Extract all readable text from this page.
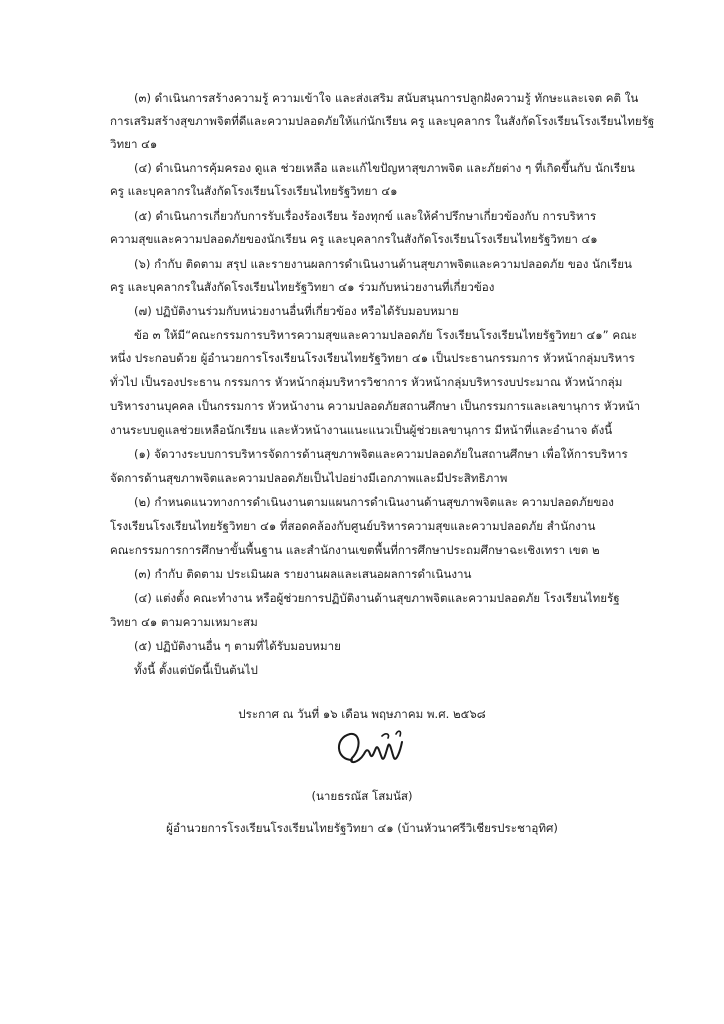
(๓) ดำเนินการสร้างความรู้ ความเข้าใจ และส่งเสริม สนับสนุนการปลูกฝังความรู้ ทักษะและเจต คติ ใน
การเสริมสร้างสุขภาพจิตที่ดีและความปลอดภัยให้แก่นักเรียน ครู และบุคลากร ในสังกัดโรงเรียนโรงเรียนไทยรัฐ
วิทยา ๔๑
(๔) ดำเนินการคุ้มครอง ดูแล ช่วยเหลือ และแก้ไขปัญหาสุขภาพจิต และภัยต่าง ๆ ที่เกิดขึ้นกับ นักเรียน
ครู และบุคลากรในสังกัดโรงเรียนโรงเรียนไทยรัฐวิทยา ๔๑
(๕) ดำเนินการเกี่ยวกับการรับเรื่องร้องเรียน ร้องทุกข์ และให้คำปรึกษาเกี่ยวข้องกับ การบริหาร
ความสุขและความปลอดภัยของนักเรียน ครู และบุคลากรในสังกัดโรงเรียนโรงเรียนไทยรัฐวิทยา ๔๑
(๖) กำกับ ติดตาม สรุป และรายงานผลการดำเนินงานด้านสุขภาพจิตและความปลอดภัย ของ นักเรียน
ครู และบุคลากรในสังกัดโรงเรียนไทยรัฐวิทยา ๔๑ ร่วมกับหน่วยงานที่เกี่ยวข้อง
(๗) ปฏิบัติงานร่วมกับหน่วยงานอื่นที่เกี่ยวข้อง หรือได้รับมอบหมาย
ข้อ ๓ ให้มี“คณะกรรมการบริหารความสุขและความปลอดภัย โรงเรียนโรงเรียนไทยรัฐวิทยา ๔๑” คณะ
หนึ่ง ประกอบด้วย ผู้อำนวยการโรงเรียนโรงเรียนไทยรัฐวิทยา ๔๑ เป็นประธานกรรมการ หัวหน้ากลุ่มบริหาร
ทั่วไป เป็นรองประธาน กรรมการ หัวหน้ากลุ่มบริหารวิชาการ หัวหน้ากลุ่มบริหารงบประมาณ หัวหน้ากลุ่ม
บริหารงานบุคคล เป็นกรรมการ หัวหน้างาน ความปลอดภัยสถานศึกษา เป็นกรรมการและเลขานุการ หัวหน้า
งานระบบดูแลช่วยเหลือนักเรียน และหัวหน้างานแนะแนวเป็นผู้ช่วยเลขานุการ มีหน้าที่และอำนาจ ดังนี้
(๑) จัดวางระบบการบริหารจัดการด้านสุขภาพจิตและความปลอดภัยในสถานศึกษา เพื่อให้การบริหาร
จัดการด้านสุขภาพจิตและความปลอดภัยเป็นไปอย่างมีเอกภาพและมีประสิทธิภาพ
(๒) กำหนดแนวทางการดำเนินงานตามแผนการดำเนินงานด้านสุขภาพจิตและ ความปลอดภัยของ
โรงเรียนโรงเรียนไทยรัฐวิทยา ๔๑ ที่สอดคล้องกับศูนย์บริหารความสุขและความปลอดภัย สำนักงาน
คณะกรรมการการศึกษาขั้นพื้นฐาน และสำนักงานเขตพื้นที่การศึกษาประถมศึกษาฉะเชิงเทรา เขต ๒
(๓) กำกับ ติดตาม ประเมินผล รายงานผลและเสนอผลการดำเนินงาน
(๔) แต่งตั้ง คณะทำงาน หรือผู้ช่วยการปฏิบัติงานด้านสุขภาพจิตและความปลอดภัย โรงเรียนไทยรัฐ
วิทยา ๔๑ ตามความเหมาะสม
(๕) ปฏิบัติงานอื่น ๆ ตามที่ได้รับมอบหมาย
ทั้งนี้ ตั้งแต่บัดนี้เป็นต้นไป
ประกาศ ณ วันที่ ๑๖ เดือน พฤษภาคม พ.ศ. ๒๕๖๘
(นายธรณัส โสมนัส)
ผู้อำนวยการโรงเรียนโรงเรียนไทยรัฐวิทยา ๔๑ (บ้านหัวนาศรีวิเชียรประชาอุทิศ)
